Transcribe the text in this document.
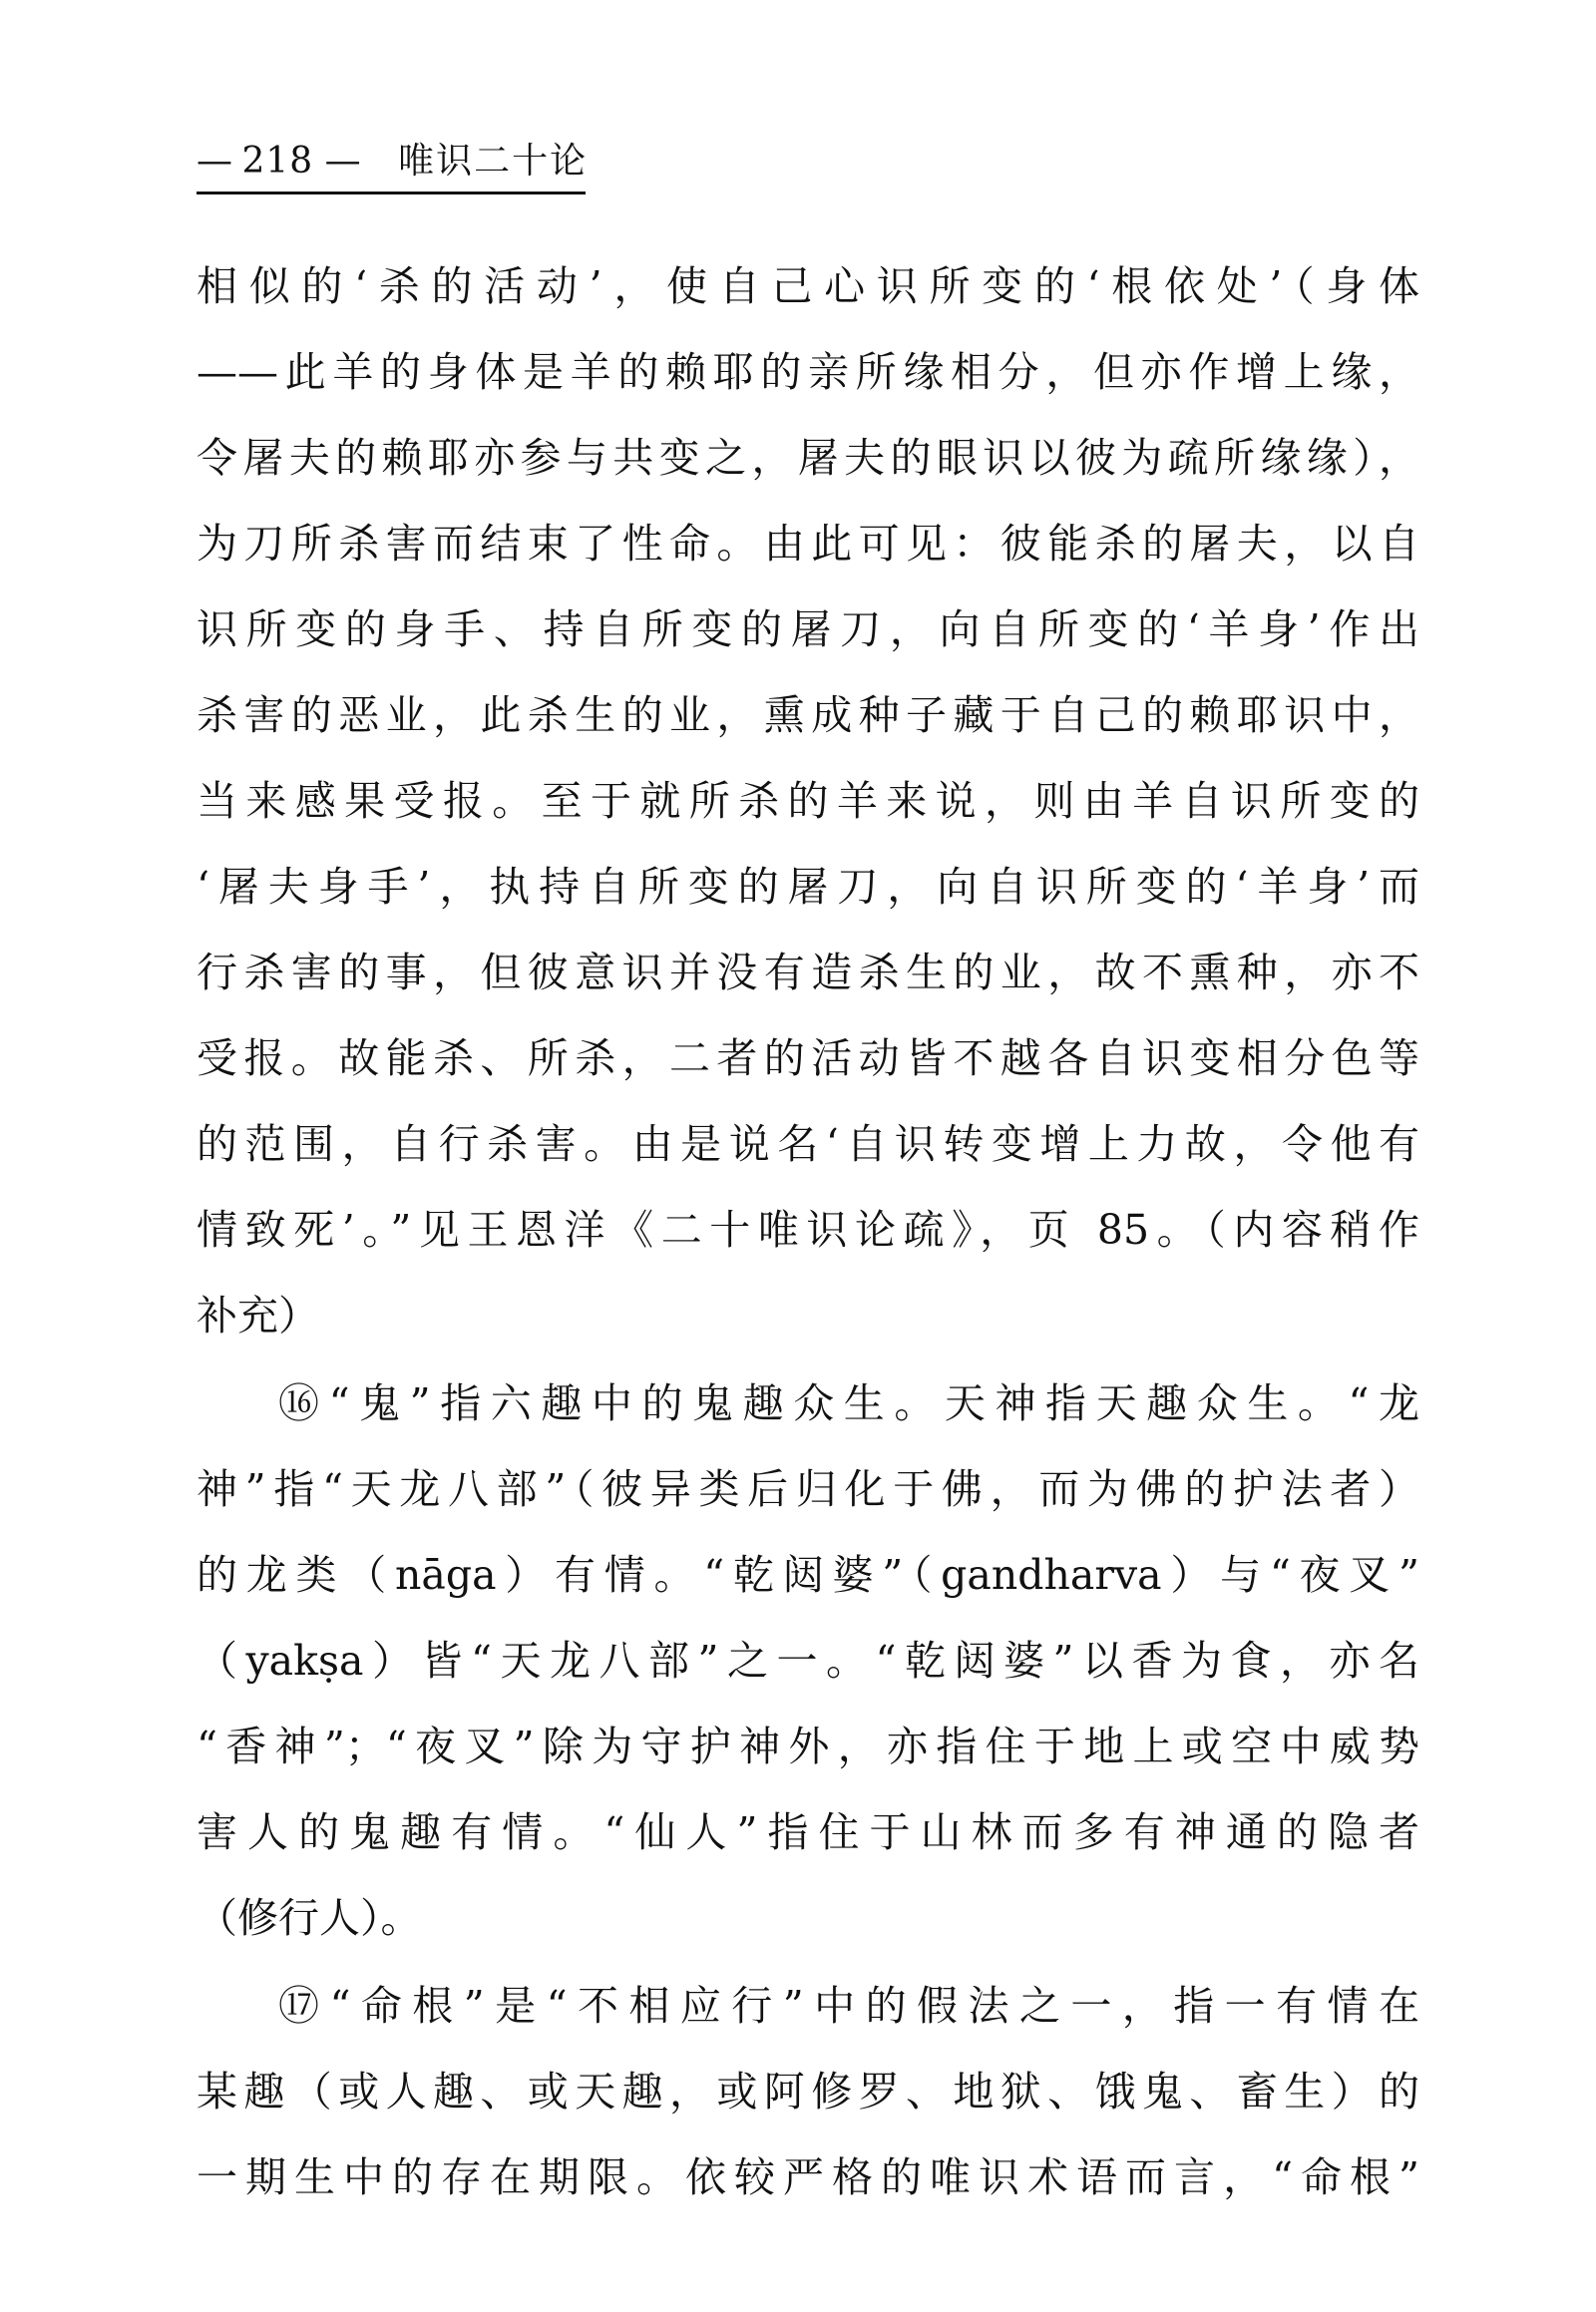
— 218 — 唯识二十论
相似的‘杀的活动’，使自己心识所变的‘根依处’（身体
——此羊的身体是羊的赖耶的亲所缘相分，但亦作增上缘，
令屠夫的赖耶亦参与共变之，屠夫的眼识以彼为疏所缘缘），
为刀所杀害而结束了性命。由此可见：彼能杀的屠夫，以自
识所变的身手、持自所变的屠刀，向自所变的‘羊身’作出
杀害的恶业，此杀生的业，熏成种子藏于自己的赖耶识中，
当来感果受报。至于就所杀的羊来说，则由羊自识所变的
‘屠夫身手’，执持自所变的屠刀，向自识所变的‘羊身’而
行杀害的事，但彼意识并没有造杀生的业，故不熏种，亦不
受报。故能杀、所杀，二者的活动皆不越各自识变相分色等
的范围，自行杀害。由是说名‘自识转变增上力故，令他有
情致死’。”见王恩洋《二十唯识论疏》，页 85。（内容稍作
补充）
⑯“鬼”指六趣中的鬼趣众生。天神指天趣众生。“龙
神”指“天龙八部”（彼异类后归化于佛，而为佛的护法者）
的龙类（nāga）有情。“乾闼婆”（gandharva）与“夜叉”
（yakṣa）皆“天龙八部”之一。“乾闼婆”以香为食，亦名
“香神”；“夜叉”除为守护神外，亦指住于地上或空中威势
害人的鬼趣有情。“仙人”指住于山林而多有神通的隐者
（修行人）。
⑰“命根”是“不相应行”中的假法之一，指一有情在
某趣（或人趣、或天趣，或阿修罗、地狱、饿鬼、畜生）的
一期生中的存在期限。依较严格的唯识术语而言，“命根”
